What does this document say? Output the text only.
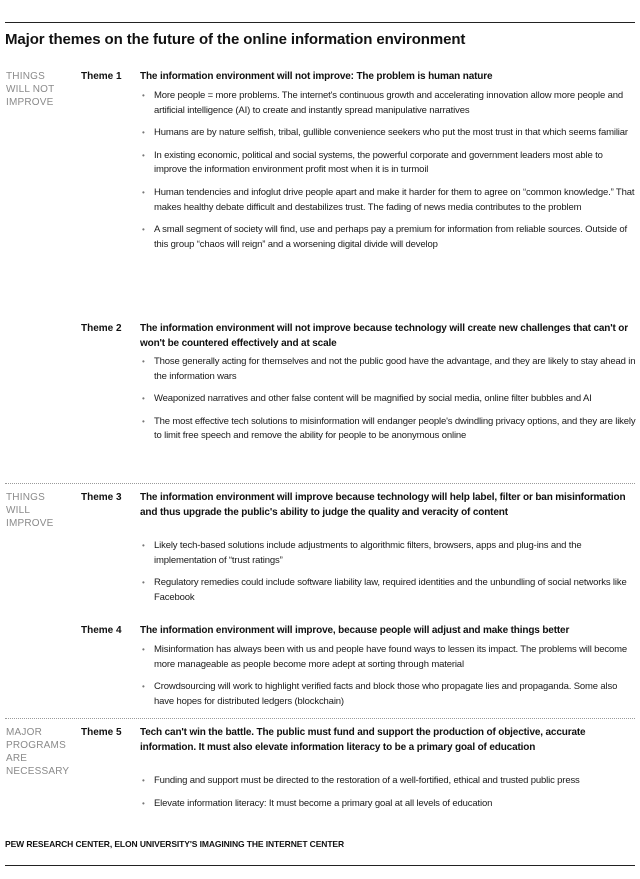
Major themes on the future of the online information environment
THINGS
WILL NOT
IMPROVE
Theme 1	The information environment will not improve: The problem is human nature
• More people = more problems. The internet's continuous growth and accelerating innovation allow more people and artificial intelligence (AI) to create and instantly spread manipulative narratives
• Humans are by nature selfish, tribal, gullible convenience seekers who put the most trust in that which seems familiar
• In existing economic, political and social systems, the powerful corporate and government leaders most able to improve the information environment profit most when it is in turmoil
• Human tendencies and infoglut drive people apart and make it harder for them to agree on “common knowledge.” That makes healthy debate difficult and destabilizes trust. The fading of news media contributes to the problem
• A small segment of society will find, use and perhaps pay a premium for information from reliable sources. Outside of this group “chaos will reign” and a worsening digital divide will develop
Theme 2	The information environment will not improve because technology will create new challenges that can't or won't be countered effectively and at scale
• Those generally acting for themselves and not the public good have the advantage, and they are likely to stay ahead in the information wars
• Weaponized narratives and other false content will be magnified by social media, online filter bubbles and AI
• The most effective tech solutions to misinformation will endanger people's dwindling privacy options, and they are likely to limit free speech and remove the ability for people to be anonymous online
THINGS
WILL
IMPROVE
Theme 3	The information environment will improve because technology will help label, filter or ban misinformation and thus upgrade the public's ability to judge the quality and veracity of content
• Likely tech-based solutions include adjustments to algorithmic filters, browsers, apps and plug-ins and the implementation of “trust ratings”
• Regulatory remedies could include software liability law, required identities and the unbundling of social networks like Facebook
Theme 4	The information environment will improve, because people will adjust and make things better
• Misinformation has always been with us and people have found ways to lessen its impact. The problems will become more manageable as people become more adept at sorting through material
• Crowdsourcing will work to highlight verified facts and block those who propagate lies and propaganda. Some also have hopes for distributed ledgers (blockchain)
MAJOR
PROGRAMS
ARE
NECESSARY
Theme 5	Tech can't win the battle. The public must fund and support the production of objective, accurate information. It must also elevate information literacy to be a primary goal of education
• Funding and support must be directed to the restoration of a well-fortified, ethical and trusted public press
• Elevate information literacy: It must become a primary goal at all levels of education
PEW RESEARCH CENTER, ELON UNIVERSITY'S IMAGINING THE INTERNET CENTER
